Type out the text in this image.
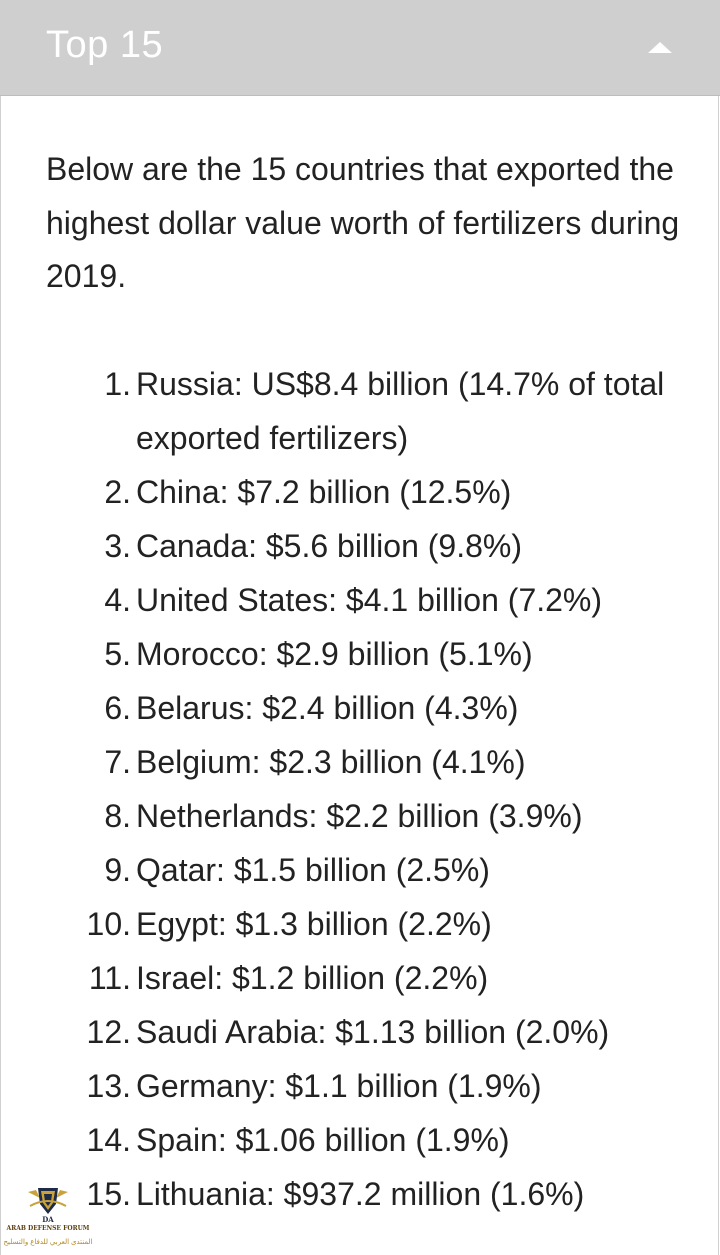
Top 15

Below are the 15 countries that exported the highest dollar value worth of fertilizers during 2019.

1. Russia: US$8.4 billion (14.7% of total exported fertilizers)
2. China: $7.2 billion (12.5%)
3. Canada: $5.6 billion (9.8%)
4. United States: $4.1 billion (7.2%)
5. Morocco: $2.9 billion (5.1%)
6. Belarus: $2.4 billion (4.3%)
7. Belgium: $2.3 billion (4.1%)
8. Netherlands: $2.2 billion (3.9%)
9. Qatar: $1.5 billion (2.5%)
10. Egypt: $1.3 billion (2.2%)
11. Israel: $1.2 billion (2.2%)
12. Saudi Arabia: $1.13 billion (2.0%)
13. Germany: $1.1 billion (1.9%)
14. Spain: $1.06 billion (1.9%)
15. Lithuania: $937.2 million (1.6%)
DA
ARAB DEFENSE FORUM
المنتدى العربي للدفاع والتسليح
